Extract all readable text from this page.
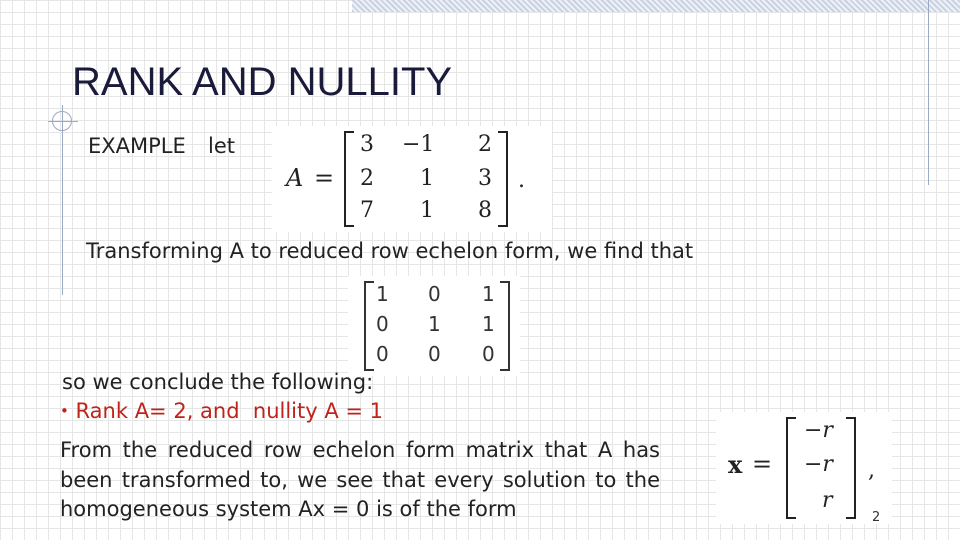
RANK AND NULLITY
EXAMPLE let
A =
3 −1 2
2 1 3
7 1 8
.
Transforming A to reduced row echelon form, we find that
1 0 1
0 1 1
0 0 0
so we conclude the following:
• Rank A= 2, and  nullity A = 1

From the reduced row echelon form matrix that A has been transformed to, we see that every solution to the homogeneous system Ax = 0 is of the form

x =
−r
−r
r
,
2
